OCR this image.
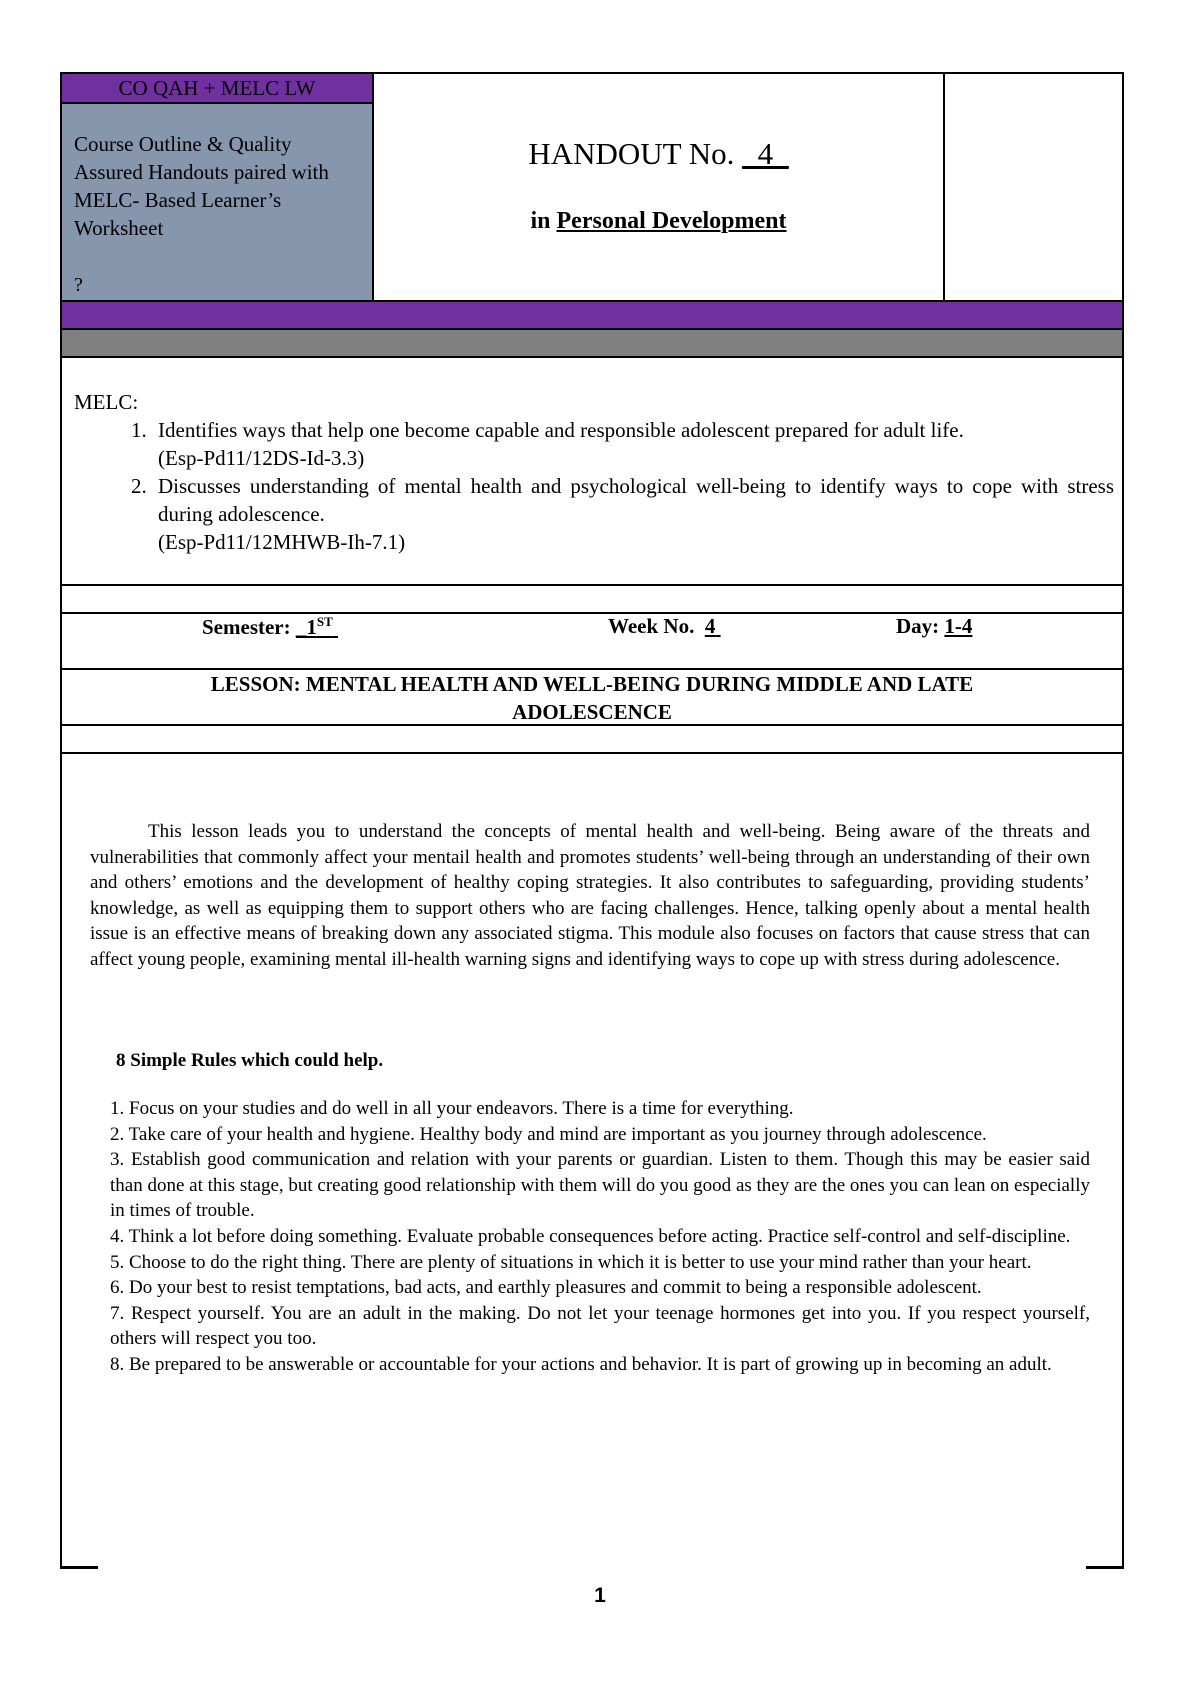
CO QAH + MELC LW
Course Outline & Quality Assured Handouts paired with MELC- Based Learner’s Worksheet
?
HANDOUT No. _4_
in Personal Development
MELC:
1. Identifies ways that help one become capable and responsible adolescent prepared for adult life.
(Esp-Pd11/12DS-Id-3.3)
2. Discusses understanding of mental health and psychological well-being to identify ways to cope with stress during adolescence.
(Esp-Pd11/12MHWB-Ih-7.1)
Semester: _1ST	Week No. 4	Day: 1-4
LESSON: MENTAL HEALTH AND WELL-BEING DURING MIDDLE AND LATE
ADOLESCENCE
This lesson leads you to understand the concepts of mental health and well-being. Being aware of the threats and vulnerabilities that commonly affect your mentail health and promotes students’ well-being through an understanding of their own and others’ emotions and the development of healthy coping strategies. It also contributes to safeguarding, providing students’ knowledge, as well as equipping them to support others who are facing challenges. Hence, talking openly about a mental health issue is an effective means of breaking down any associated stigma. This module also focuses on factors that cause stress that can affect young people, examining mental ill-health warning signs and identifying ways to cope up with stress during adolescence.
8 Simple Rules which could help.
1. Focus on your studies and do well in all your endeavors. There is a time for everything.
2. Take care of your health and hygiene. Healthy body and mind are important as you journey through adolescence.
3. Establish good communication and relation with your parents or guardian. Listen to them. Though this may be easier said than done at this stage, but creating good relationship with them will do you good as they are the ones you can lean on especially in times of trouble.
4. Think a lot before doing something. Evaluate probable consequences before acting. Practice self-control and self-discipline.
5. Choose to do the right thing. There are plenty of situations in which it is better to use your mind rather than your heart.
6. Do your best to resist temptations, bad acts, and earthly pleasures and commit to being a responsible adolescent.
7. Respect yourself. You are an adult in the making. Do not let your teenage hormones get into you. If you respect yourself, others will respect you too.
8. Be prepared to be answerable or accountable for your actions and behavior. It is part of growing up in becoming an adult.
1
